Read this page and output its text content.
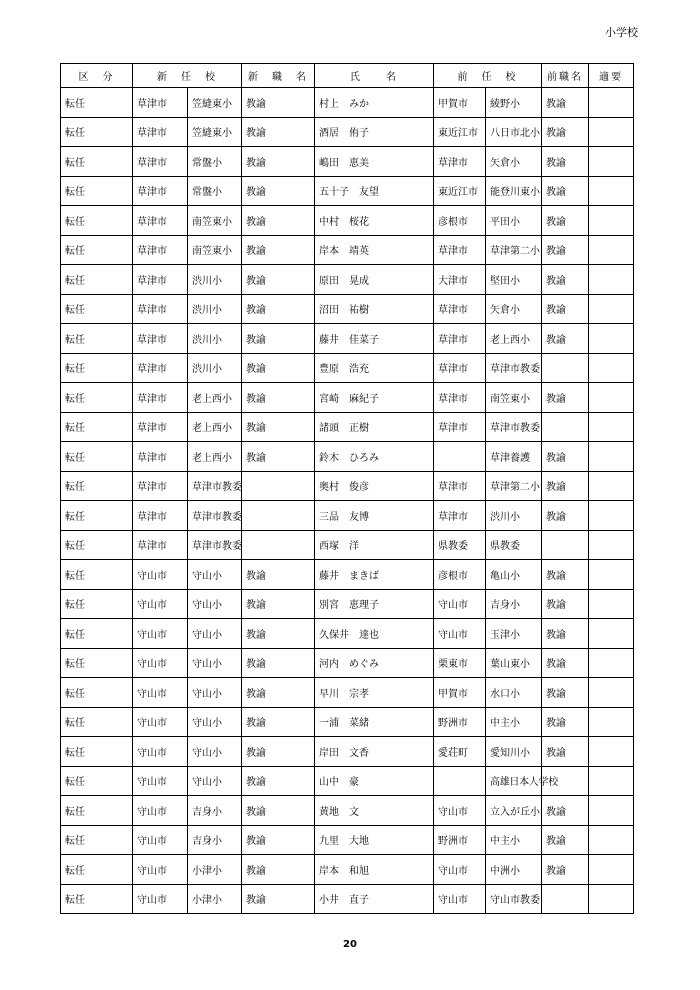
小学校
区　分	新　任　校		新　職　名	氏　　名	前　任　校		前職名	適要
転任	草津市	笠縫東小	教諭	村上　みか	甲賀市	綾野小	教諭	
転任	草津市	笠縫東小	教諭	酒居　侑子	東近江市	八日市北小	教諭	
転任	草津市	常盤小	教諭	嶋田　恵美	草津市	矢倉小	教諭	
転任	草津市	常盤小	教諭	五十子　友望	東近江市	能登川東小	教諭	
転任	草津市	南笠東小	教諭	中村　桜花	彦根市	平田小	教諭	
転任	草津市	南笠東小	教諭	岸本　靖英	草津市	草津第二小	教諭	
転任	草津市	渋川小	教諭	原田　晃成	大津市	堅田小	教諭	
転任	草津市	渋川小	教諭	沼田　祐樹	草津市	矢倉小	教諭	
転任	草津市	渋川小	教諭	藤井　佳菜子	草津市	老上西小	教諭	
転任	草津市	渋川小	教諭	豊原　浩充	草津市	草津市教委		
転任	草津市	老上西小	教諭	宮崎　麻紀子	草津市	南笠東小	教諭	
転任	草津市	老上西小	教諭	諸頭　正樹	草津市	草津市教委		
転任	草津市	老上西小	教諭	鈴木　ひろみ		草津養護	教諭	
転任	草津市	草津市教委		奥村　俊彦	草津市	草津第二小	教諭	
転任	草津市	草津市教委		三品　友博	草津市	渋川小	教諭	
転任	草津市	草津市教委		西塚　洋	県教委	県教委		
転任	守山市	守山小	教諭	藤井　まきば	彦根市	亀山小	教諭	
転任	守山市	守山小	教諭	別宮　恵理子	守山市	吉身小	教諭	
転任	守山市	守山小	教諭	久保井　達也	守山市	玉津小	教諭	
転任	守山市	守山小	教諭	河内　めぐみ	栗東市	葉山東小	教諭	
転任	守山市	守山小	教諭	早川　宗孝	甲賀市	水口小	教諭	
転任	守山市	守山小	教諭	一浦　菜緒	野洲市	中主小	教諭	
転任	守山市	守山小	教諭	岸田　文香	愛荘町	愛知川小	教諭	
転任	守山市	守山小	教諭	山中　豪		高雄日本人学校		
転任	守山市	吉身小	教諭	黄地　文	守山市	立入が丘小	教諭	
転任	守山市	吉身小	教諭	九里　大地	野洲市	中主小	教諭	
転任	守山市	小津小	教諭	岸本　和旭	守山市	中洲小	教諭	
転任	守山市	小津小	教諭	小井　直子	守山市	守山市教委		
20
